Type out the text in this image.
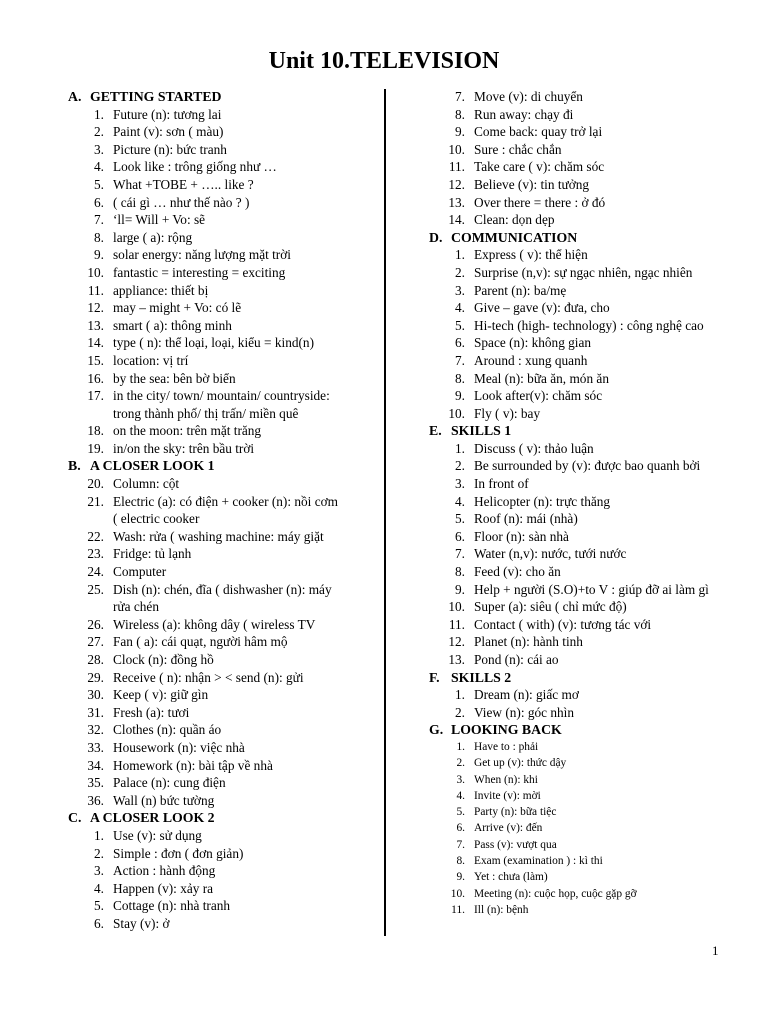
Unit 10.TELEVISION
A. GETTING STARTED
1. Future (n): tương lai
2. Paint (v): sơn ( màu)
3. Picture (n): bức tranh
4. Look like : trông giống như …
5. What +TOBE + ….. like ?
6. ( cái gì … như thế nào ? )
7. ‘ll= Will + Vo: sẽ
8. large ( a): rộng
9. solar energy: năng lượng mặt trời
10. fantastic = interesting = exciting
11. appliance: thiết bị
12. may – might + Vo: có lẽ
13. smart ( a): thông minh
14. type ( n): thể loại, loại, kiểu = kind(n)
15. location: vị trí
16. by the sea: bên bờ biển
17. in the city/ town/ mountain/ countryside:
trong thành phố/ thị trấn/ miền quê
18. on the moon: trên mặt trăng
19. in/on the sky: trên bầu trời
B. A CLOSER LOOK 1
20. Column: cột
21. Electric (a): có điện + cooker (n): nồi cơm
( electric cooker
22. Wash: rửa ( washing machine: máy giặt
23. Fridge: tủ lạnh
24. Computer
25. Dish (n): chén, đĩa ( dishwasher (n): máy
rửa chén
26. Wireless (a): không dây ( wireless TV
27. Fan ( a): cái quạt, người hâm mộ
28. Clock (n): đồng hồ
29. Receive ( n): nhận > < send (n): gửi
30. Keep ( v): giữ gìn
31. Fresh (a): tươi
32. Clothes (n): quần áo
33. Housework (n): việc nhà
34. Homework (n): bài tập về nhà
35. Palace (n): cung điện
36. Wall (n) bức tường
C. A CLOSER LOOK 2
1. Use (v): sử dụng
2. Simple : đơn ( đơn giản)
3. Action : hành động
4. Happen (v): xảy ra
5. Cottage (n): nhà tranh
6. Stay (v): ở
7. Move (v): di chuyển
8. Run away: chạy đi
9. Come back: quay trở lại
10. Sure : chắc chắn
11. Take care ( v): chăm sóc
12. Believe (v): tin tưởng
13. Over there = there : ở đó
14. Clean: dọn dẹp
D. COMMUNICATION
1. Express ( v): thể hiện
2. Surprise (n,v): sự ngạc nhiên, ngạc nhiên
3. Parent (n): ba/mẹ
4. Give – gave (v): đưa, cho
5. Hi-tech (high- technology) : công nghệ cao
6. Space (n): không gian
7. Around : xung quanh
8. Meal (n): bữa ăn, món ăn
9. Look after(v): chăm sóc
10. Fly ( v): bay
E. SKILLS 1
1. Discuss ( v): thảo luận
2. Be surrounded by (v): được bao quanh bởi
3. In front of
4. Helicopter (n): trực thăng
5. Roof (n): mái (nhà)
6. Floor (n): sàn nhà
7. Water (n,v): nước, tưới nước
8. Feed (v): cho ăn
9. Help + người (S.O)+to V : giúp đỡ ai làm gì
10. Super (a): siêu ( chỉ mức độ)
11. Contact ( with) (v): tương tác với
12. Planet (n): hành tinh
13. Pond (n): cái ao
F. SKILLS 2
1. Dream (n): giấc mơ
2. View (n): góc nhìn
G. LOOKING BACK
1. Have to : phải
2. Get up (v): thức dậy
3. When (n): khi
4. Invite (v): mời
5. Party (n): bữa tiệc
6. Arrive (v): đến
7. Pass (v): vượt qua
8. Exam (examination ) : kì thi
9. Yet : chưa (làm)
10. Meeting (n): cuộc họp, cuộc gặp gỡ
11. Ill (n): bệnh
1
